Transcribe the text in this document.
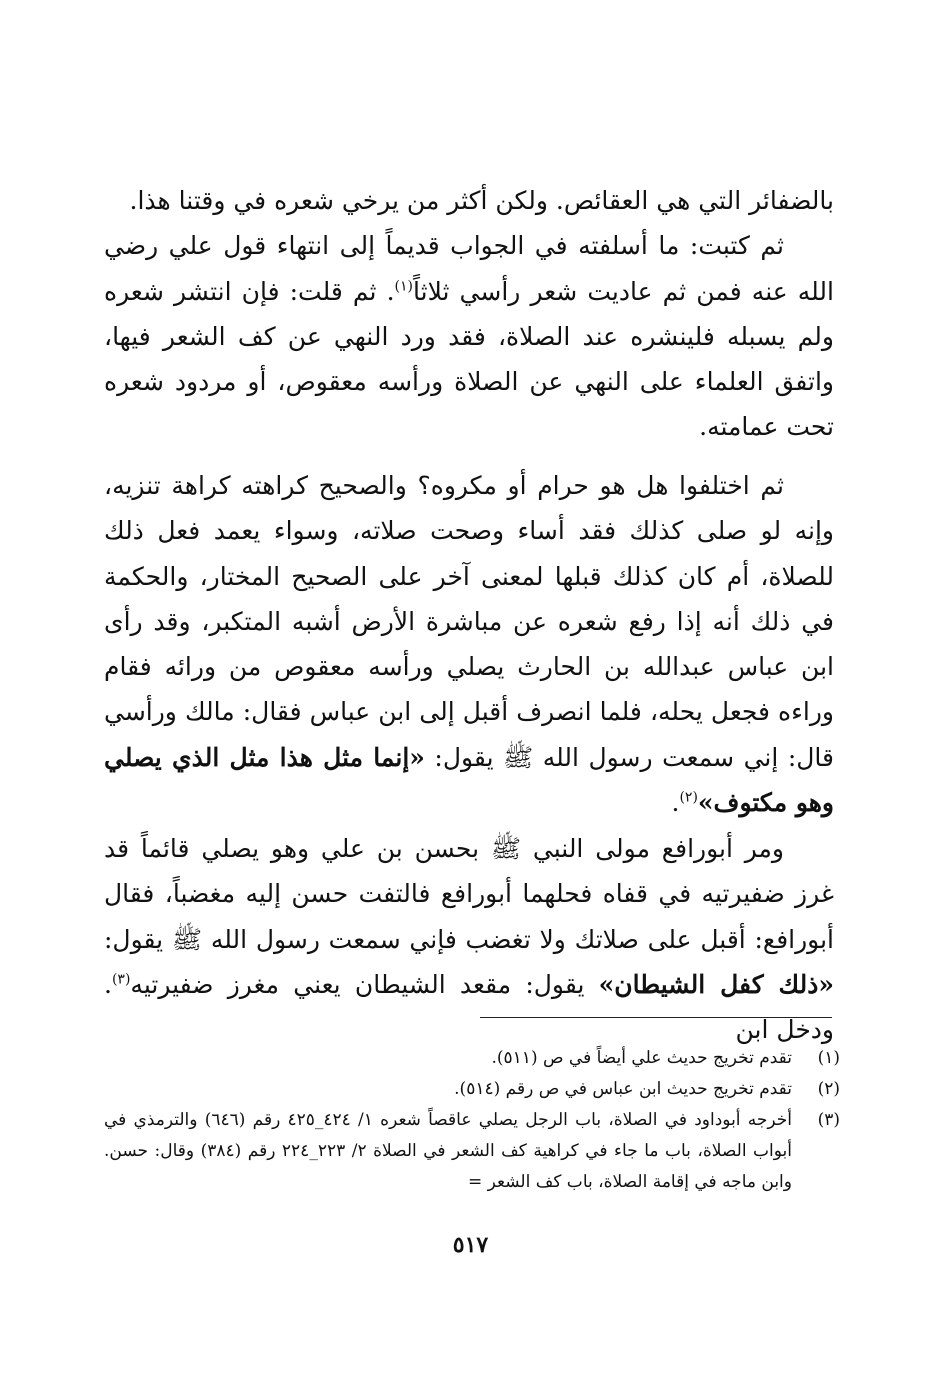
بالضفائر التي هي العقائص. ولكن أكثر من يرخي شعره في وقتنا هذا.

ثم كتبت: ما أسلفته في الجواب قديماً إلى انتهاء قول علي رضي الله عنه فمن ثم عاديت شعر رأسي ثلاثاً$^{(١)}$. ثم قلت: فإن انتشر شعره ولم يسبله فلينشره عند الصلاة، فقد ورد النهي عن كف الشعر فيها، واتفق العلماء على النهي عن الصلاة ورأسه معقوص، أو مردود شعره تحت عمامته.

ثم اختلفوا هل هو حرام أو مكروه؟ والصحيح كراهته كراهة تنزيه، وإنه لو صلى كذلك فقد أساء وصحت صلاته، وسواء يعمد فعل ذلك للصلاة، أم كان كذلك قبلها لمعنى آخر على الصحيح المختار، والحكمة في ذلك أنه إذا رفع شعره عن مباشرة الأرض أشبه المتكبر، وقد رأى ابن عباس عبدالله بن الحارث يصلي ورأسه معقوص من ورائه فقام وراءه فجعل يحله، فلما انصرف أقبل إلى ابن عباس فقال: مالك ورأسي قال: إني سمعت رسول الله ﷺ يقول: «إنما مثل هذا مثل الذي يصلي وهو مكتوف»$^{(٢)}$.

ومر أبورافع مولى النبي ﷺ بحسن بن علي وهو يصلي قائماً قد غرز ضفيرتيه في قفاه فحلهما أبورافع فالتفت حسن إليه مغضباً، فقال أبورافع: أقبل على صلاتك ولا تغضب فإني سمعت رسول الله ﷺ يقول: «ذلك كفل الشيطان» يقول: مقعد الشيطان يعني مغرز ضفيرتيه$^{(٣)}$. ودخل ابن

(١)
تقدم تخريج حديث علي أيضاً في ص (٥١١).
(٢)
تقدم تخريج حديث ابن عباس في ص رقم (٥١٤).
(٣)
أخرجه أبوداود في الصلاة، باب الرجل يصلي عاقصاً شعره ١/ ٤٢٤_٤٢٥ رقم (٦٤٦) والترمذي في أبواب الصلاة، باب ما جاء في كراهية كف الشعر في الصلاة ٢/ ٢٢٣_٢٢٤ رقم (٣٨٤) وقال: حسن. وابن ماجه في إقامة الصلاة، باب كف الشعر =
٥١٧
